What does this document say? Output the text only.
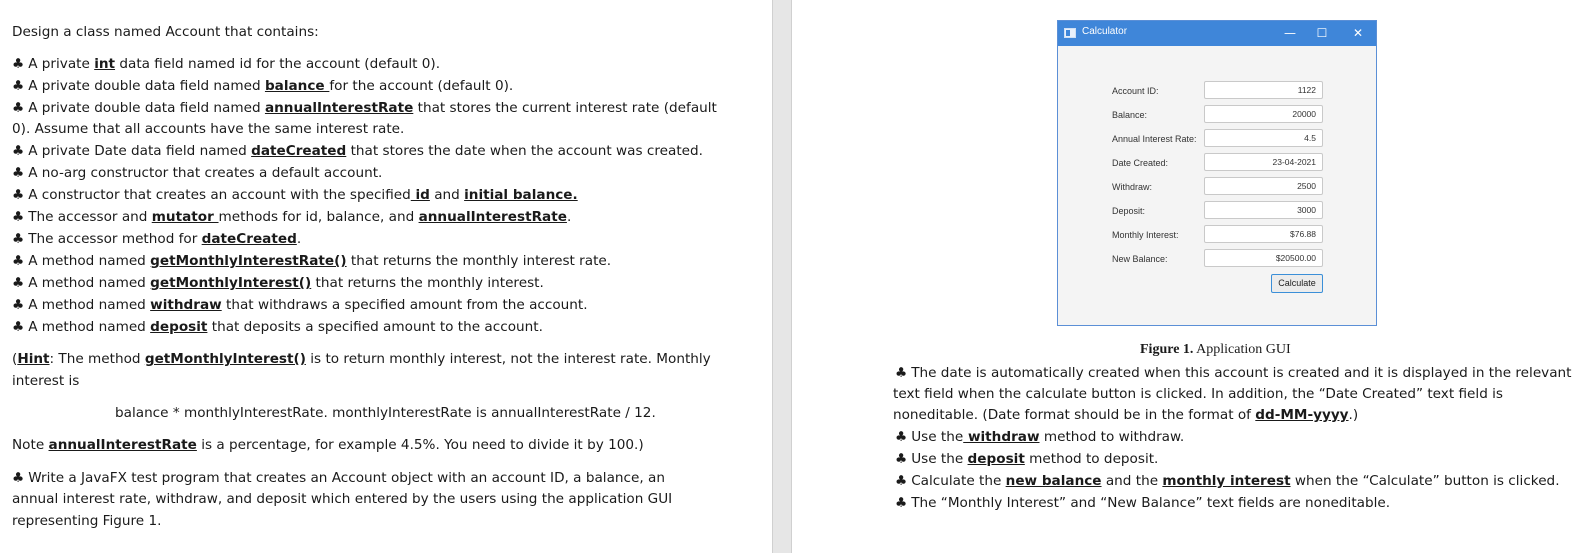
Design a class named Account that contains:
♣ A private int data field named id for the account (default 0).
♣ A private double data field named balance for the account (default 0).
♣ A private double data field named annualInterestRate that stores the current interest rate (default
0). Assume that all accounts have the same interest rate.
♣ A private Date data field named dateCreated that stores the date when the account was created.
♣ A no-arg constructor that creates a default account.
♣ A constructor that creates an account with the specified id and initial balance.
♣ The accessor and mutator methods for id, balance, and annualInterestRate.
♣ The accessor method for dateCreated.
♣ A method named getMonthlyInterestRate() that returns the monthly interest rate.
♣ A method named getMonthlyInterest() that returns the monthly interest.
♣ A method named withdraw that withdraws a specified amount from the account.
♣ A method named deposit that deposits a specified amount to the account.
(Hint: The method getMonthlyInterest() is to return monthly interest, not the interest rate. Monthly
interest is
balance * monthlyInterestRate. monthlyInterestRate is annualInterestRate / 12.
Note annualInterestRate is a percentage, for example 4.5%. You need to divide it by 100.)
♣ Write a JavaFX test program that creates an Account object with an account ID, a balance, an
annual interest rate, withdraw, and deposit which entered by the users using the application GUI
representing Figure 1.
Calculator	—	☐	✕
Account ID:	1122
Balance:	20000
Annual Interest Rate:	4.5
Date Created:	23-04-2021
Withdraw:	2500
Deposit:	3000
Monthly Interest:	$76.88
New Balance:	$20500.00
Calculate
Figure 1. Application GUI
♣ The date is automatically created when this account is created and it is displayed in the relevant
text field when the calculate button is clicked. In addition, the “Date Created” text field is
noneditable. (Date format should be in the format of dd-MM-yyyy.)
♣ Use the withdraw method to withdraw.
♣ Use the deposit method to deposit.
♣ Calculate the new balance and the monthly interest when the “Calculate” button is clicked.
♣ The “Monthly Interest” and “New Balance” text fields are noneditable.
